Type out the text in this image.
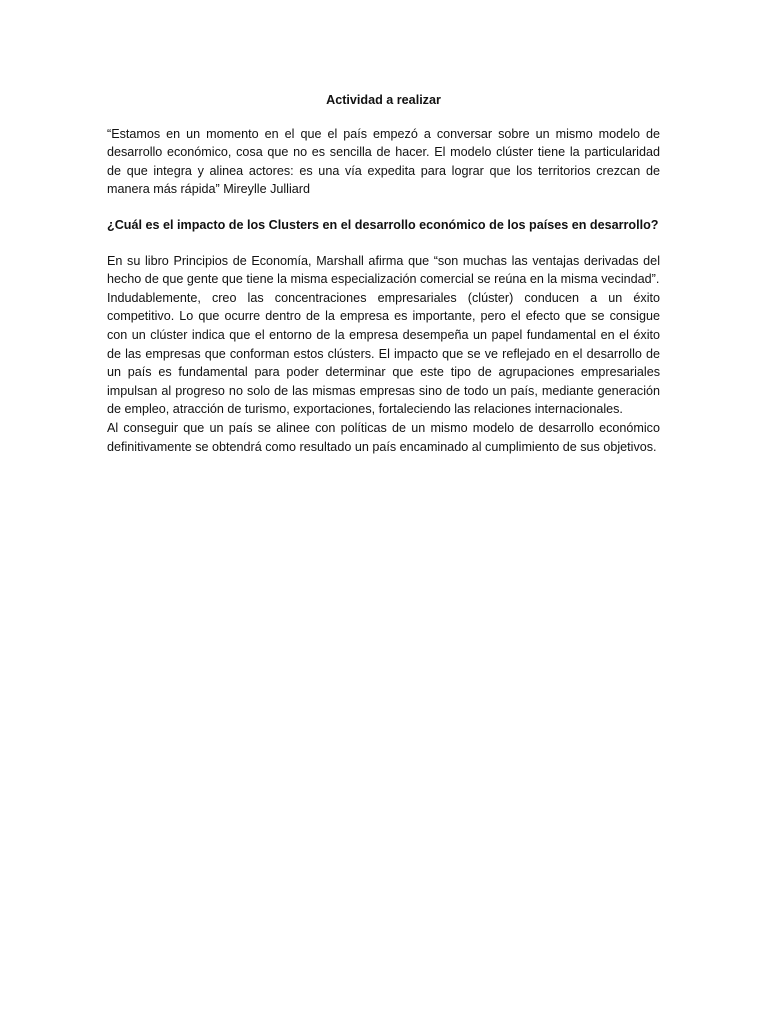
Actividad a realizar

“Estamos en un momento en el que el país empezó a conversar sobre un mismo modelo de desarrollo económico, cosa que no es sencilla de hacer. El modelo clúster tiene la particularidad de que integra y alinea actores: es una vía expedita para lograr que los territorios crezcan de manera más rápida” Mireylle Julliard

¿Cuál es el impacto de los Clusters en el desarrollo económico de los países en desarrollo?

En su libro Principios de Economía, Marshall afirma que “son muchas las ventajas derivadas del hecho de que gente que tiene la misma especialización comercial se reúna en la misma vecindad”.

Indudablemente, creo las concentraciones empresariales (clúster) conducen a un éxito competitivo. Lo que ocurre dentro de la empresa es importante, pero el efecto que se consigue con un clúster indica que el entorno de la empresa desempeña un papel fundamental en el éxito de las empresas que conforman estos clústers. El impacto que se ve reflejado en el desarrollo de un país es fundamental para poder determinar que este tipo de agrupaciones empresariales impulsan al progreso no solo de las mismas empresas sino de todo un país, mediante generación de empleo, atracción de turismo, exportaciones, fortaleciendo las relaciones internacionales.

Al conseguir que un país se alinee con políticas de un mismo modelo de desarrollo económico definitivamente se obtendrá como resultado un país encaminado al cumplimiento de sus objetivos.
